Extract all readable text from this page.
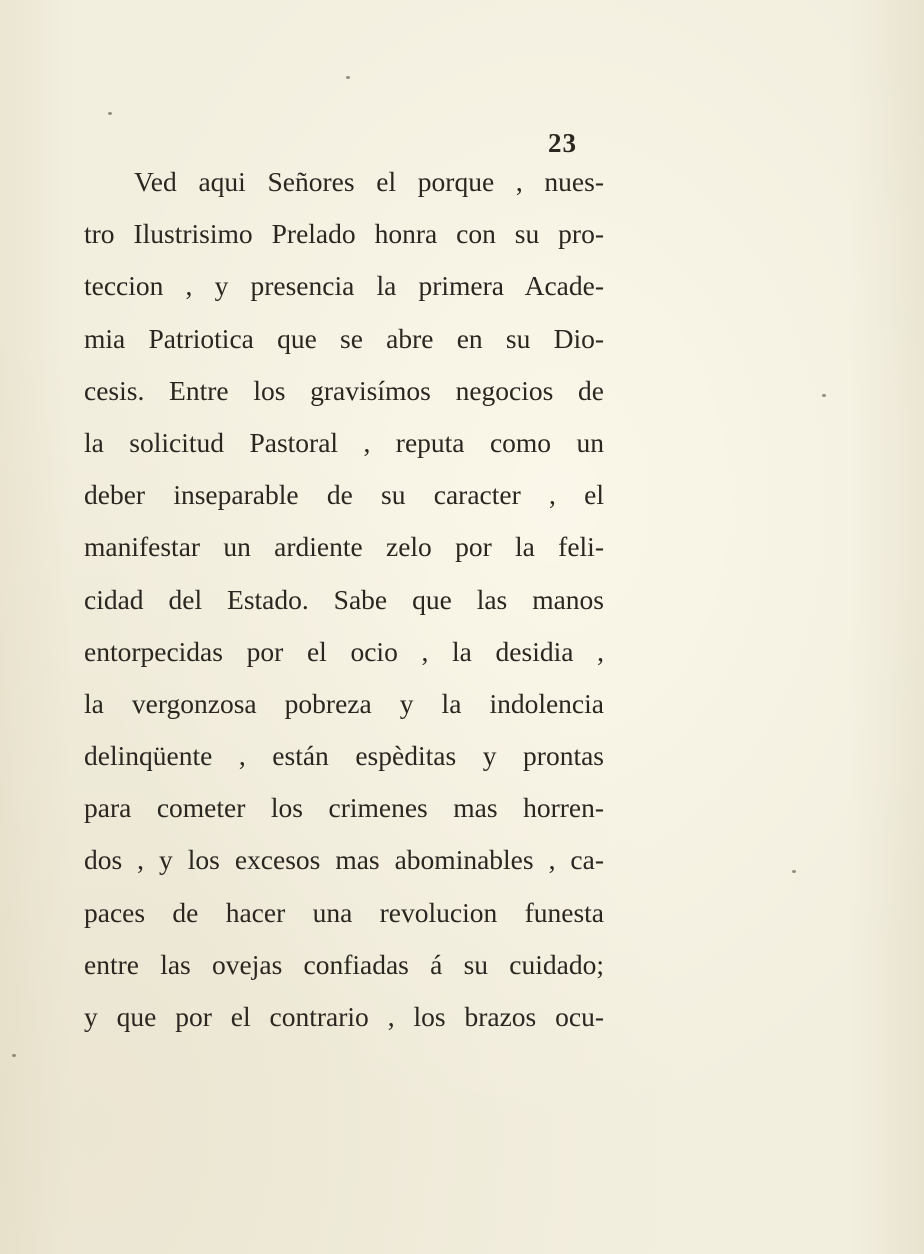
23
Ved aqui Señores el porque , nues-
tro Ilustrisimo Prelado honra con su pro-
teccion , y presencia la primera Acade-
mia Patriotica que se abre en su Dio-
cesis. Entre los gravisímos negocios de
la solicitud Pastoral , reputa como un
deber inseparable de su caracter , el
manifestar un ardiente zelo por la feli-
cidad del Estado. Sabe que las manos
entorpecidas por el ocio , la desidia ,
la vergonzosa pobreza y la indolencia
delinqüente , están espèditas y prontas
para cometer los crimenes mas horren-
dos , y los excesos mas abominables , ca-
paces de hacer una revolucion funesta
entre las ovejas confiadas á su cuidado;
y que por el contrario , los brazos ocu-
